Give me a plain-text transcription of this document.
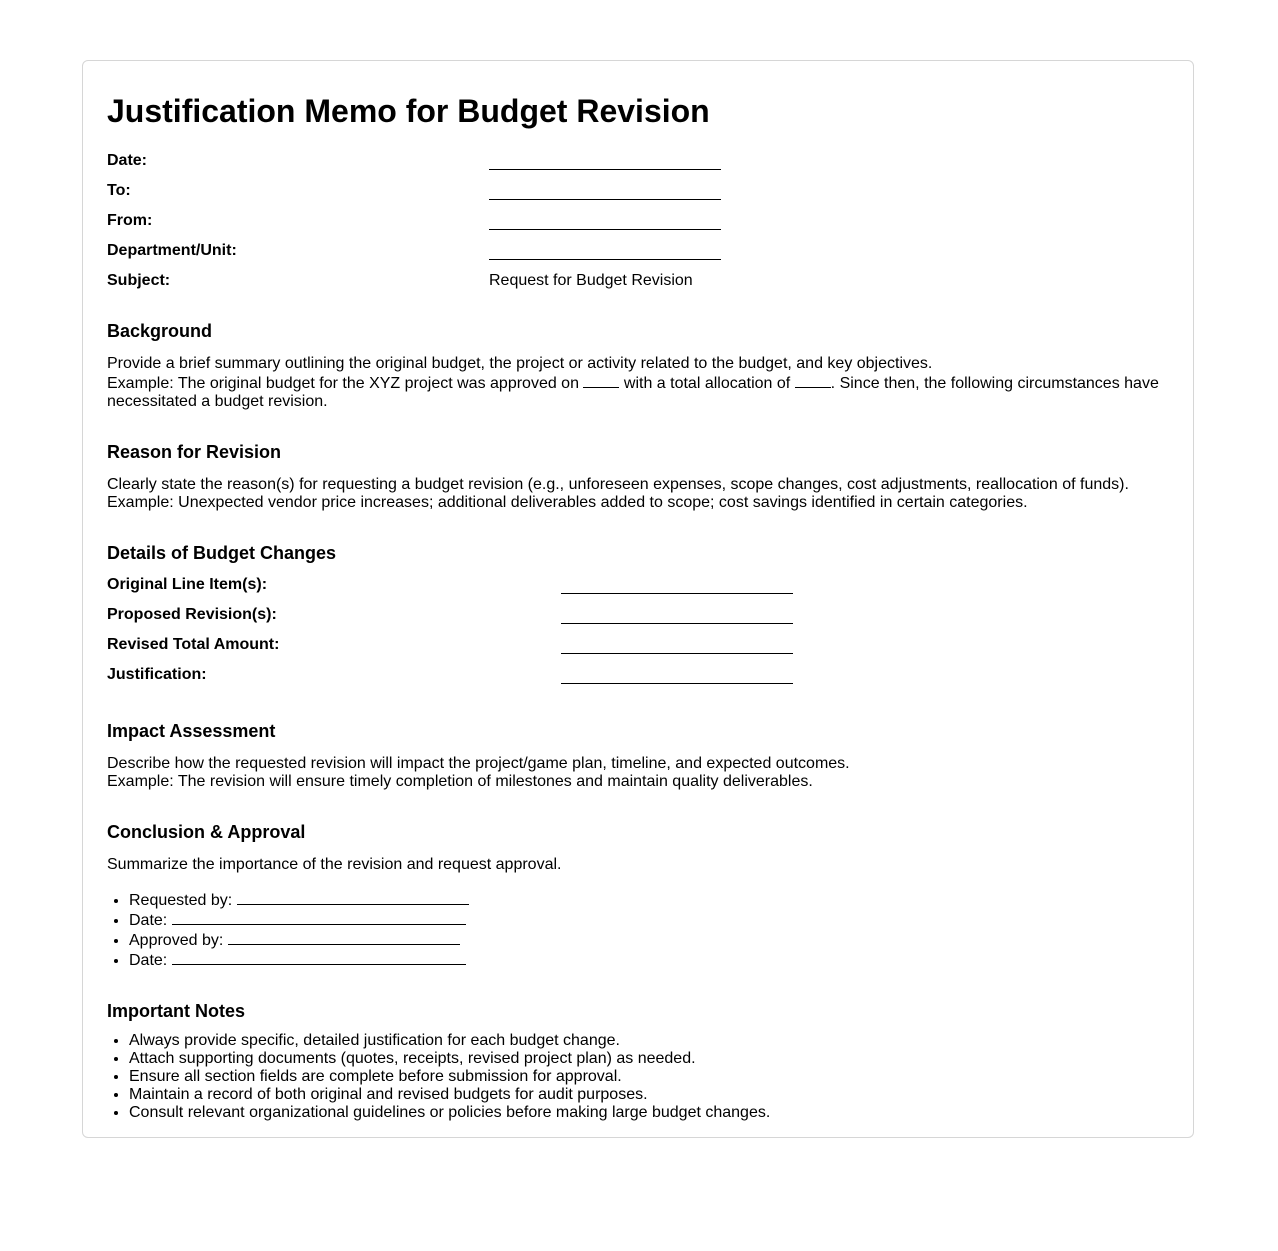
Justification Memo for Budget Revision
Date:
To:
From:
Department/Unit:
Subject:	Request for Budget Revision
Background

Provide a brief summary outlining the original budget, the project or activity related to the budget, and key objectives.
Example: The original budget for the XYZ project was approved on	with a total allocation of	. Since then, the following circumstances have necessitated a budget revision.

Reason for Revision

Clearly state the reason(s) for requesting a budget revision (e.g., unforeseen expenses, scope changes, cost adjustments, reallocation of funds).
Example: Unexpected vendor price increases; additional deliverables added to scope; cost savings identified in certain categories.

Details of Budget Changes
Original Line Item(s):
Proposed Revision(s):
Revised Total Amount:
Justification:
Impact Assessment

Describe how the requested revision will impact the project/game plan, timeline, and expected outcomes.
Example: The revision will ensure timely completion of milestones and maintain quality deliverables.

Conclusion & Approval

Summarize the importance of the revision and request approval.

• Requested by:
• Date:
• Approved by:
• Date:
Important Notes
• Always provide specific, detailed justification for each budget change.
• Attach supporting documents (quotes, receipts, revised project plan) as needed.
• Ensure all section fields are complete before submission for approval.
• Maintain a record of both original and revised budgets for audit purposes.
• Consult relevant organizational guidelines or policies before making large budget changes.
